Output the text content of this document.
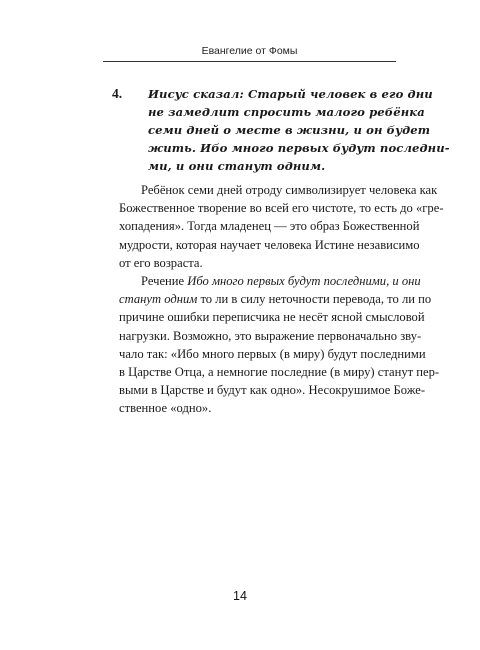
Евангелие от Фомы
4. Иисус сказал: Старый человек в его дни
не замедлит спросить малого ребёнка
семи дней о месте в жизни, и он будет
жить. Ибо много первых будут последни-
ми, и они станут одним.
Ребёнок семи дней отроду символизирует человека как
Божественное творение во всей его чистоте, то есть до «гре-
хопадения». Тогда младенец — это образ Божественной
мудрости, которая научает человека Истине независимо
от его возраста.
Речение Ибо много первых будут последними, и они
станут одним то ли в силу неточности перевода, то ли по
причине ошибки переписчика не несёт ясной смысловой
нагрузки. Возможно, это выражение первоначально зву-
чало так: «Ибо много первых (в миру) будут последними
в Царстве Отца, а немногие последние (в миру) станут пер-
выми в Царстве и будут как одно». Несокрушимое Боже-
ственное «одно».
14
